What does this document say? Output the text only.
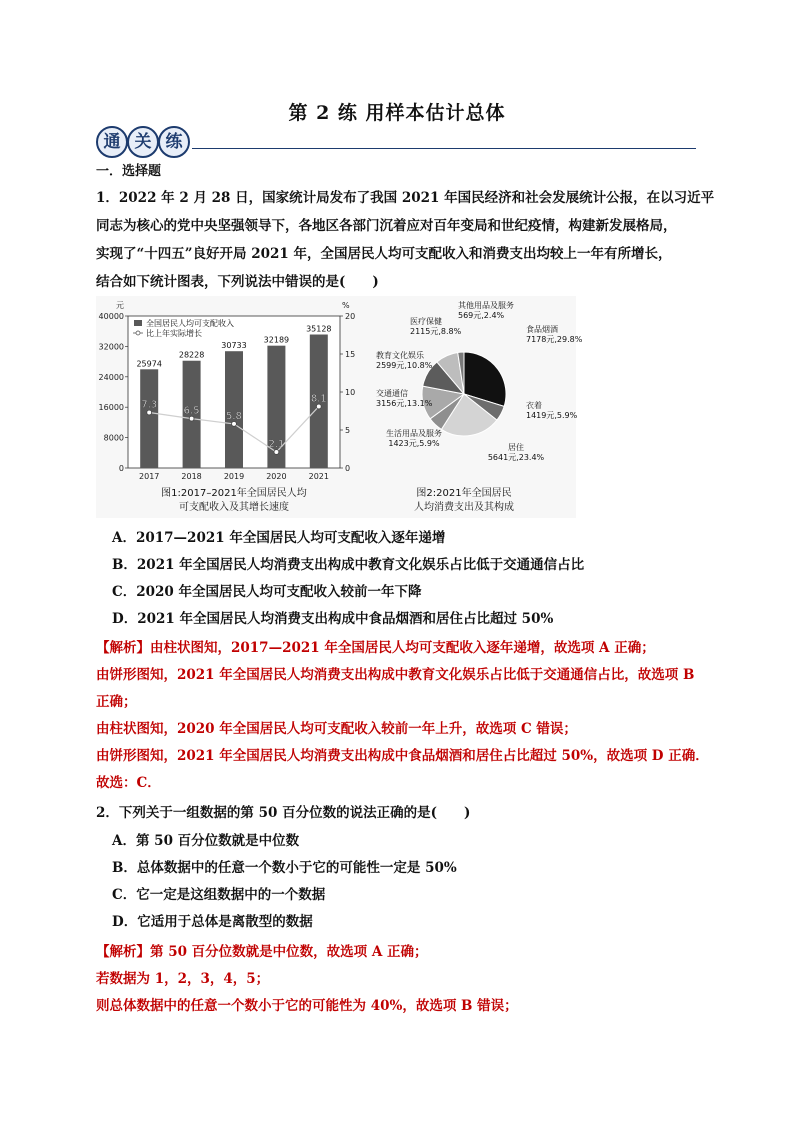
第 2 练 用样本估计总体
通 关 练
一．选择题
1．2022 年 2 月 28 日，国家统计局发布了我国 2021 年国民经济和社会发展统计公报，在以习近平
同志为核心的党中央坚强领导下，各地区各部门沉着应对百年变局和世纪疫情，构建新发展格局，
实现了“十四五”良好开局 2021 年，全国居民人均可支配收入和消费支出均较上一年有所增长，
结合如下统计图表，下列说法中错误的是(　　)
元	%
0
8000
16000
24000
32000
40000
0
5
10
15
20
25974
2017
28228
2018
30733
2019
32189
2020
35128
2021
7.3
6.5	5.8
2.1
8.1
全国居民人均可支配收入
比上年实际增长
图1:2017–2021年全国居民人均
可支配收入及其增长速度
食品烟酒
7178元,29.8%
衣着
1419元,5.9%
居住
5641元,23.4%
生活用品及服务
1423元,5.9%
交通通信
3156元,13.1%
教育文化娱乐
2599元,10.8%
医疗保健
2115元,8.8%
其他用品及服务
569元,2.4%
图2:2021年全国居民
人均消费支出及其构成
A．2017—2021 年全国居民人均可支配收入逐年递增
B．2021 年全国居民人均消费支出构成中教育文化娱乐占比低于交通通信占比
C．2020 年全国居民人均可支配收入较前一年下降
D．2021 年全国居民人均消费支出构成中食品烟酒和居住占比超过 50%
【解析】由柱状图知，2017—2021 年全国居民人均可支配收入逐年递增，故选项 A 正确；
由饼形图知，2021 年全国居民人均消费支出构成中教育文化娱乐占比低于交通通信占比，故选项 B
正确；
由柱状图知，2020 年全国居民人均可支配收入较前一年上升，故选项 C 错误；
由饼形图知，2021 年全国居民人均消费支出构成中食品烟酒和居住占比超过 50%，故选项 D 正确．
故选：C．
2．下列关于一组数据的第 50 百分位数的说法正确的是(　　)
A．第 50 百分位数就是中位数
B．总体数据中的任意一个数小于它的可能性一定是 50%
C．它一定是这组数据中的一个数据
D．它适用于总体是离散型的数据
【解析】第 50 百分位数就是中位数，故选项 A 正确；
若数据为 1，2，3，4，5；
则总体数据中的任意一个数小于它的可能性为 40%，故选项 B 错误；
